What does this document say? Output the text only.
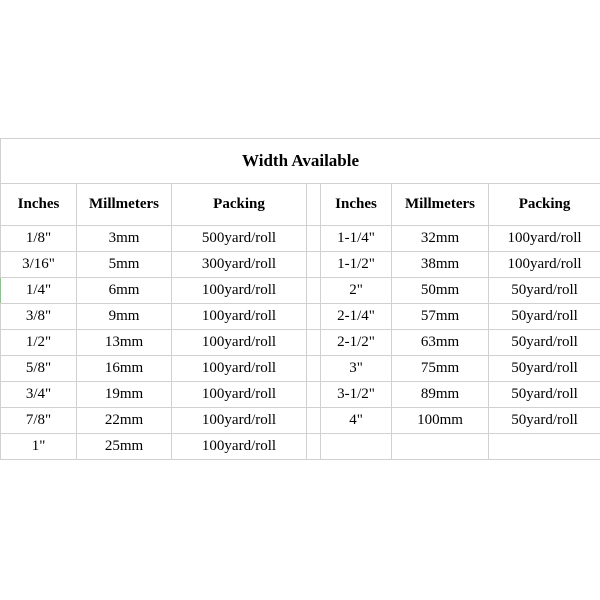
Width Available						
Inches	Millmeters	Packing		Inches	Millmeters	Packing
1/8"	3mm	500yard/roll		1-1/4"	32mm	100yard/roll
3/16"	5mm	300yard/roll		1-1/2"	38mm	100yard/roll
1/4"	6mm	100yard/roll		2"	50mm	50yard/roll
3/8"	9mm	100yard/roll		2-1/4"	57mm	50yard/roll
1/2"	13mm	100yard/roll		2-1/2"	63mm	50yard/roll
5/8"	16mm	100yard/roll		3"	75mm	50yard/roll
3/4"	19mm	100yard/roll		3-1/2"	89mm	50yard/roll
7/8"	22mm	100yard/roll		4"	100mm	50yard/roll
1"	25mm	100yard/roll				
